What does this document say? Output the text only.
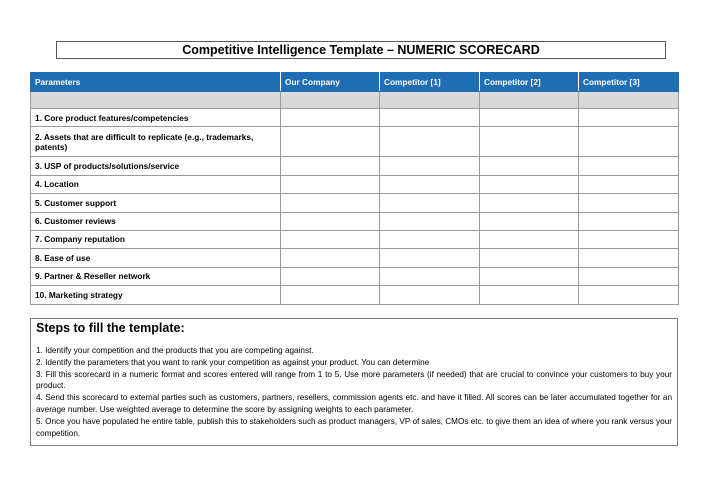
Competitive Intelligence Template – NUMERIC SCORECARD
Parameters	Our Company	Competitor [1]	Competitor [2]	Competitor [3]

1. Core product features/competencies				
2. Assets that are difficult to replicate (e.g., trademarks, patents)				
3. USP of products/solutions/service				
4. Location				
5. Customer support				
6. Customer reviews				
7. Company reputation				
8. Ease of use				
9. Partner & Reseller network				
10. Marketing strategy				
Steps to fill the template:

1. Identify your competition and the products that you are competing against.

2. Identify the parameters that you want to rank your competition as against your product. You can determine

3. Fill this scorecard in a numeric format and scores entered will range from 1 to 5. Use more parameters (if needed) that are crucial to convince your customers to buy your product.

4. Send this scorecard to external parties such as customers, partners, resellers, commission agents etc. and have it filled. All scores can be later accumulated together for an average number. Use weighted average to determine the score by assigning weights to each parameter.

5. Once you have populated he entire table, publish this to stakeholders such as product managers, VP of sales, CMOs etc. to give them an idea of where you rank versus your competition.
